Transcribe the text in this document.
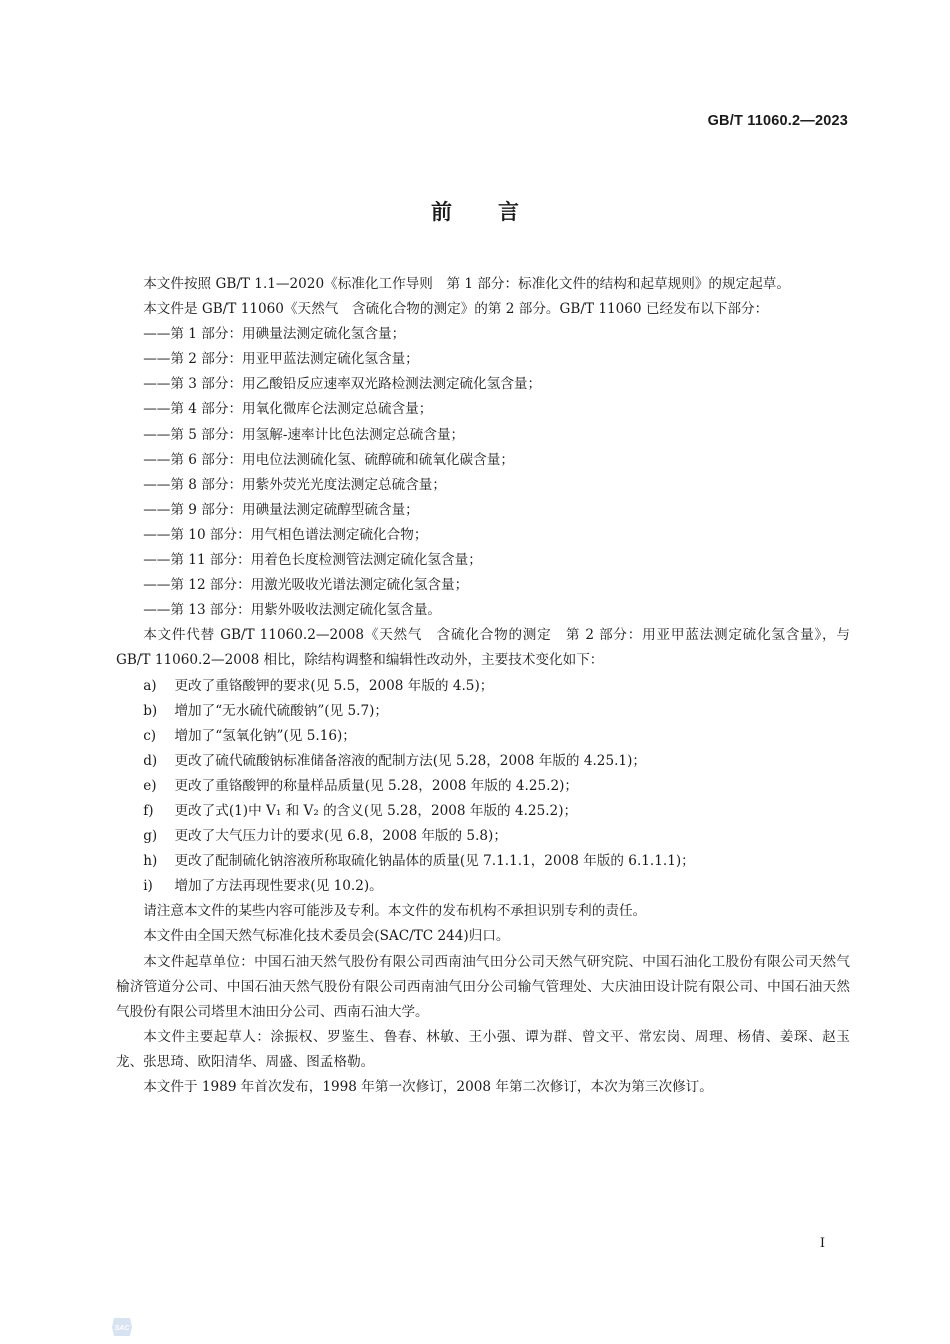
GB/T 11060.2—2023
前言

本文件按照 GB/T 1.1—2020《标准化工作导则　第 1 部分：标准化文件的结构和起草规则》的规定起草。

本文件是 GB/T 11060《天然气　含硫化合物的测定》的第 2 部分。GB/T 11060 已经发布以下部分：

——第 1 部分：用碘量法测定硫化氢含量；

——第 2 部分：用亚甲蓝法测定硫化氢含量；

——第 3 部分：用乙酸铅反应速率双光路检测法测定硫化氢含量；

——第 4 部分：用氧化微库仑法测定总硫含量；

——第 5 部分：用氢解-速率计比色法测定总硫含量；

——第 6 部分：用电位法测硫化氢、硫醇硫和硫氧化碳含量；

——第 8 部分：用紫外荧光光度法测定总硫含量；

——第 9 部分：用碘量法测定硫醇型硫含量；

——第 10 部分：用气相色谱法测定硫化合物；

——第 11 部分：用着色长度检测管法测定硫化氢含量；

——第 12 部分：用激光吸收光谱法测定硫化氢含量；

——第 13 部分：用紫外吸收法测定硫化氢含量。

本文件代替 GB/T 11060.2—2008《天然气　含硫化合物的测定　第 2 部分：用亚甲蓝法测定硫化氢含量》，与 GB/T 11060.2—2008 相比，除结构调整和编辑性改动外，主要技术变化如下：

a) 更改了重铬酸钾的要求(见 5.5，2008 年版的 4.5)；

b) 增加了“无水硫代硫酸钠”(见 5.7)；

c) 增加了“氢氧化钠”(见 5.16)；

d) 更改了硫代硫酸钠标准储备溶液的配制方法(见 5.28，2008 年版的 4.25.1)；

e) 更改了重铬酸钾的称量样品质量(见 5.28，2008 年版的 4.25.2)；

f) 更改了式(1)中 V₁ 和 V₂ 的含义(见 5.28，2008 年版的 4.25.2)；

g) 更改了大气压力计的要求(见 6.8，2008 年版的 5.8)；

h) 更改了配制硫化钠溶液所称取硫化钠晶体的质量(见 7.1.1.1，2008 年版的 6.1.1.1)；

i) 增加了方法再现性要求(见 10.2)。

请注意本文件的某些内容可能涉及专利。本文件的发布机构不承担识别专利的责任。

本文件由全国天然气标准化技术委员会(SAC/TC 244)归口。

本文件起草单位：中国石油天然气股份有限公司西南油气田分公司天然气研究院、中国石油化工股份有限公司天然气榆济管道分公司、中国石油天然气股份有限公司西南油气田分公司输气管理处、大庆油田设计院有限公司、中国石油天然气股份有限公司塔里木油田分公司、西南石油大学。

本文件主要起草人：涂振权、罗鉴生、鲁春、林敏、王小强、谭为群、曾文平、常宏岗、周理、杨倩、姜琛、赵玉龙、张思琦、欧阳清华、周盛、图孟格勒。

本文件于 1989 年首次发布，1998 年第一次修订，2008 年第二次修订，本次为第三次修订。

I
SAC
